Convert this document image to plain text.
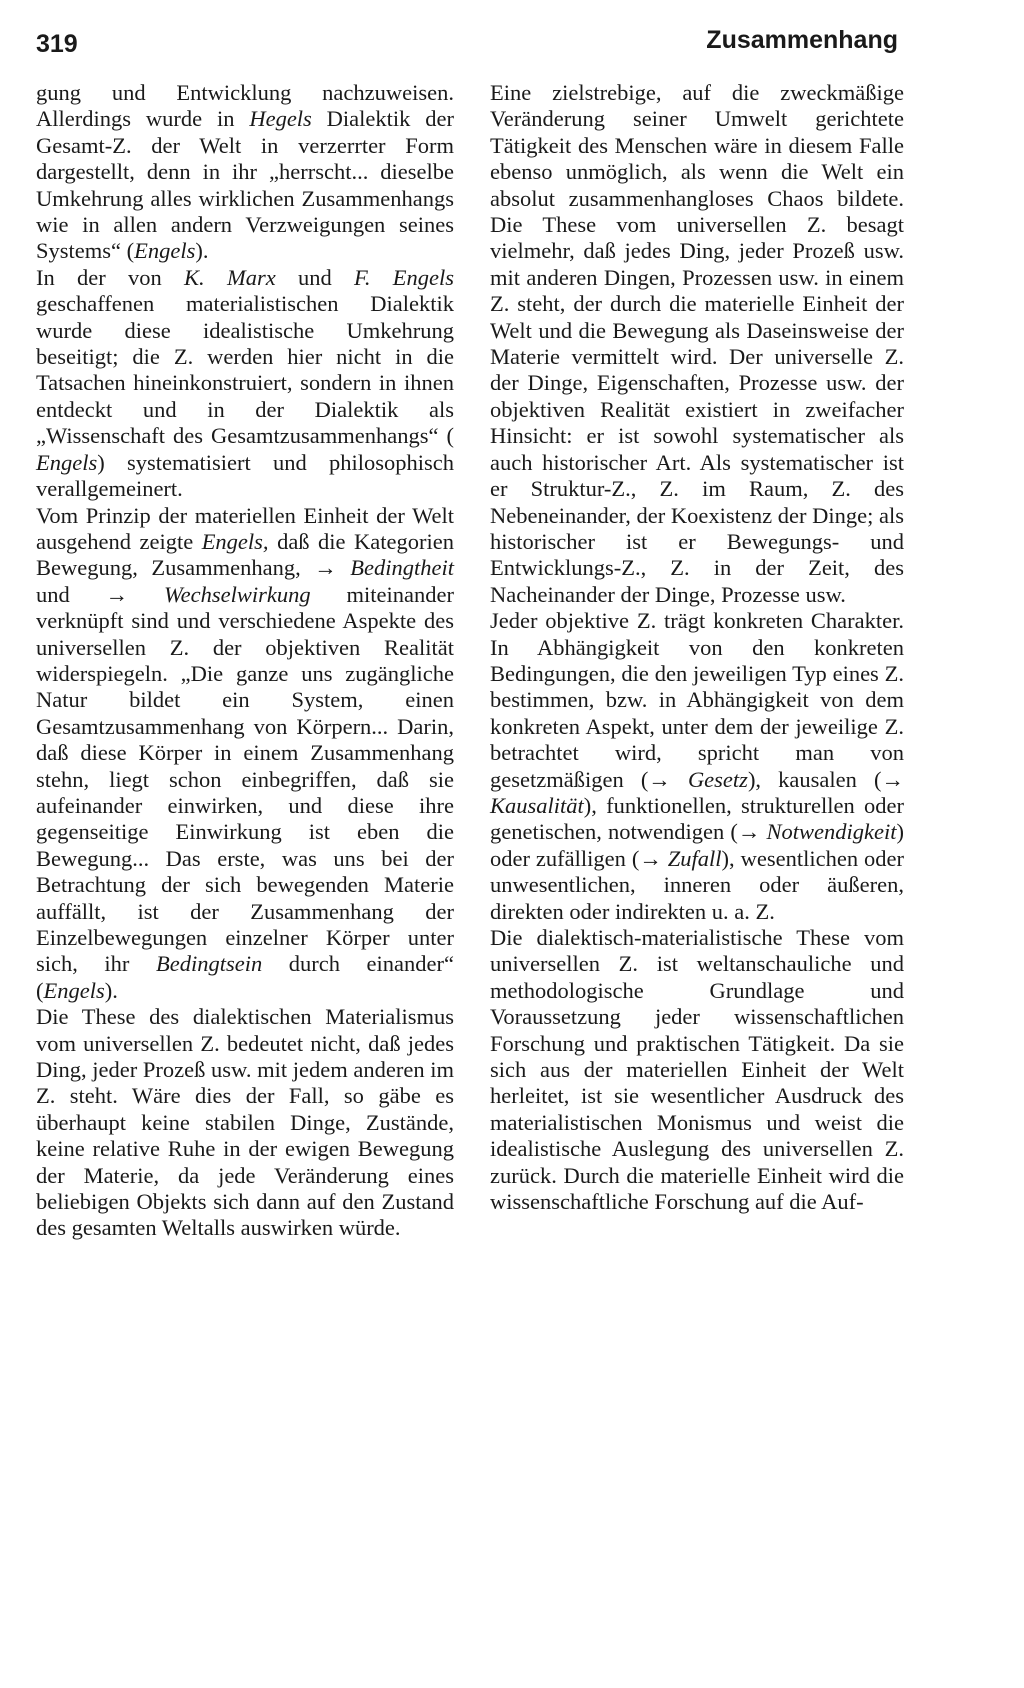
319	Zusammenhang

gung und Entwicklung nachzuweisen. Allerdings wurde in Hegels Dialektik der Gesamt-Z. der Welt in verzerrter Form dargestellt, denn in ihr „herrscht... dieselbe Umkehrung alles wirklichen Zusammenhangs wie in allen andern Verzweigungen seines Systems“ (Engels).

In der von K. Marx und F. Engels geschaffenen materialistischen Dialektik wurde diese idealistische Umkehrung beseitigt; die Z. werden hier nicht in die Tatsachen hineinkonstruiert, sondern in ihnen entdeckt und in der Dialektik als „Wissenschaft des Gesamtzusammenhangs“ ( Engels) systematisiert und philosophisch verallgemeinert.

Vom Prinzip der materiellen Einheit der Welt ausgehend zeigte Engels, daß die Kategorien Bewegung, Zusammenhang, → Bedingtheit und → Wechselwirkung miteinander verknüpft sind und verschiedene Aspekte des universellen Z. der objektiven Realität widerspiegeln. „Die ganze uns zugängliche Natur bildet ein System, einen Gesamtzusammenhang von Körpern... Darin, daß diese Körper in einem Zusammenhang stehn, liegt schon einbegriffen, daß sie aufeinander einwirken, und diese ihre gegenseitige Einwirkung ist eben die Bewegung... Das erste, was uns bei der Betrachtung der sich bewegenden Materie auffällt, ist der Zusammenhang der Einzelbewegungen einzelner Körper unter sich, ihr Bedingtsein durch einander“ (Engels).

Die These des dialektischen Materialismus vom universellen Z. bedeutet nicht, daß jedes Ding, jeder Prozeß usw. mit jedem anderen im Z. steht. Wäre dies der Fall, so gäbe es überhaupt keine stabilen Dinge, Zustände, keine relative Ruhe in der ewigen Bewegung der Materie, da jede Veränderung eines beliebigen Objekts sich dann auf den Zustand des gesamten Weltalls auswirken würde.

Eine zielstrebige, auf die zweckmäßige Veränderung seiner Umwelt gerichtete Tätigkeit des Menschen wäre in diesem Falle ebenso unmöglich, als wenn die Welt ein absolut zusammenhangloses Chaos bildete. Die These vom universellen Z. besagt vielmehr, daß jedes Ding, jeder Prozeß usw. mit anderen Dingen, Prozessen usw. in einem Z. steht, der durch die materielle Einheit der Welt und die Bewegung als Daseinsweise der Materie vermittelt wird. Der universelle Z. der Dinge, Eigenschaften, Prozesse usw. der objektiven Realität existiert in zweifacher Hinsicht: er ist sowohl systematischer als auch historischer Art. Als systematischer ist er Struktur-Z., Z. im Raum, Z. des Nebeneinander, der Koexistenz der Dinge; als historischer ist er Bewegungs- und Entwicklungs-Z., Z. in der Zeit, des Nacheinander der Dinge, Prozesse usw.

Jeder objektive Z. trägt konkreten Charakter. In Abhängigkeit von den konkreten Bedingungen, die den jeweiligen Typ eines Z. bestimmen, bzw. in Abhängigkeit von dem konkreten Aspekt, unter dem der jeweilige Z. betrachtet wird, spricht man von gesetzmäßigen (→ Gesetz), kausalen (→ Kausalität), funktionellen, strukturellen oder genetischen, notwendigen (→ Notwendigkeit) oder zufälligen (→ Zufall), wesentlichen oder unwesentlichen, inneren oder äußeren, direkten oder indirekten u. a. Z.

Die dialektisch-materialistische These vom universellen Z. ist weltanschauliche und methodologische Grundlage und Voraussetzung jeder wissenschaftlichen Forschung und praktischen Tätigkeit. Da sie sich aus der materiellen Einheit der Welt herleitet, ist sie wesentlicher Ausdruck des materialistischen Monismus und weist die idealistische Auslegung des universellen Z. zurück. Durch die materielle Einheit wird die wissenschaftliche Forschung auf die Auf-
